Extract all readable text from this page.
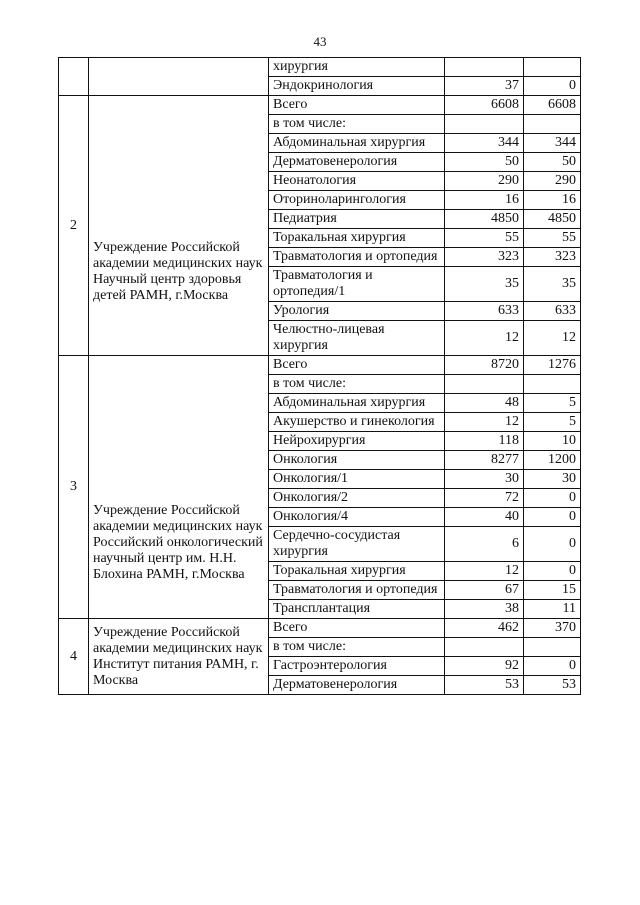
43
		хирургия		
		Эндокринология	37	0
2	Учреждение Российской академии медицинских наук Научный центр здоровья детей РАМН, г.Москва	Всего	6608	6608
		в том числе:		
		Абдоминальная хирургия	344	344
		Дерматовенерология	50	50
		Неонатология	290	290
		Оториноларингология	16	16
		Педиатрия	4850	4850
		Торакальная хирургия	55	55
		Травматология и ортопедия	323	323
		Травматология и ортопедия/1	35	35
		Урология	633	633
		Челюстно-лицевая хирургия	12	12
3	Учреждение Российской академии медицинских наук Российский онкологический научный центр им. Н.Н. Блохина РАМН, г.Москва	Всего	8720	1276
		в том числе:		
		Абдоминальная хирургия	48	5
		Акушерство и гинекология	12	5
		Нейрохирургия	118	10
		Онкология	8277	1200
		Онкология/1	30	30
		Онкология/2	72	0
		Онкология/4	40	0
		Сердечно-сосудистая хирургия	6	0
		Торакальная хирургия	12	0
		Травматология и ортопедия	67	15
		Трансплантация	38	11
4	Учреждение Российской академии медицинских наук Институт питания РАМН, г. Москва	Всего	462	370
		в том числе:		
		Гастроэнтерология	92	0
		Дерматовенерология	53	53
